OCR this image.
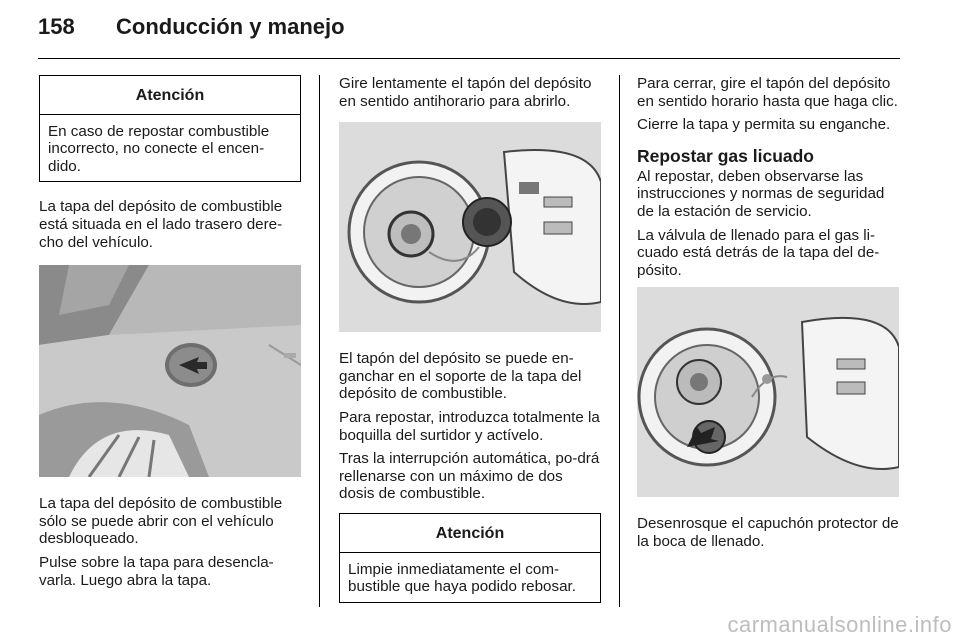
158	Conducción y manejo
Atención
En caso de repostar combustible incorrecto, no conecte el encen-dido.

La tapa del depósito de combustible está situada en el lado trasero dere-cho del vehículo.

La tapa del depósito de combustible sólo se puede abrir con el vehículo desbloqueado.

Pulse sobre la tapa para desencla-varla. Luego abra la tapa.

Gire lentamente el tapón del depósito en sentido antihorario para abrirlo.

El tapón del depósito se puede en-ganchar en el soporte de la tapa del depósito de combustible.

Para repostar, introduzca totalmente la boquilla del surtidor y actívelo.

Tras la interrupción automática, po-drá rellenarse con un máximo de dos dosis de combustible.

Atención
Limpie inmediatamente el com-bustible que haya podido rebosar.

Para cerrar, gire el tapón del depósito en sentido horario hasta que haga clic.

Cierre la tapa y permita su enganche.

Repostar gas licuado

Al repostar, deben observarse las instrucciones y normas de seguridad de la estación de servicio.

La válvula de llenado para el gas li-cuado está detrás de la tapa del de-pósito.

Desenrosque el capuchón protector de la boca de llenado.

carmanualsonline.info
